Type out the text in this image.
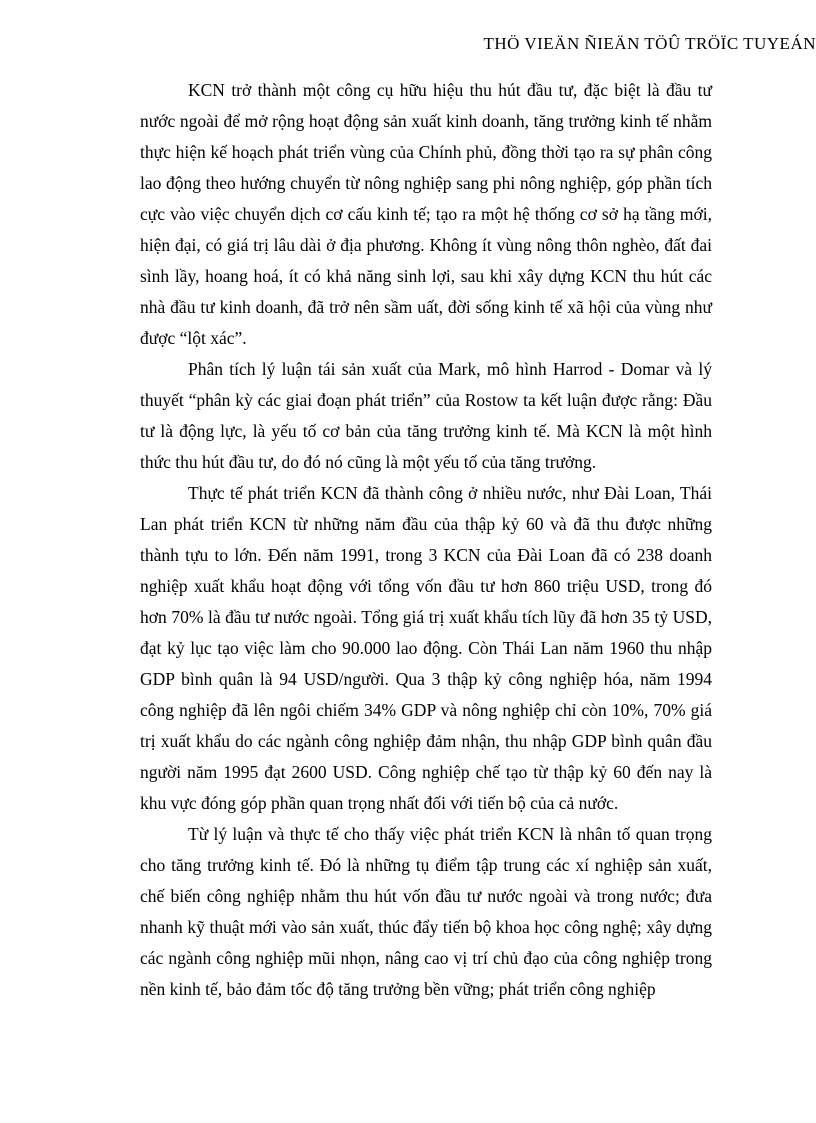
THÖ VIEÄN ÑIEÄN TÖÛ TRÖÏC TUYEÁN

KCN trở thành một công cụ hữu hiệu thu hút đầu tư, đặc biệt là đầu tư nước ngoài để mở rộng hoạt động sản xuất kinh doanh, tăng trưởng kinh tế nhằm thực hiện kế hoạch phát triển vùng của Chính phủ, đồng thời tạo ra sự phân công lao động theo hướng chuyển từ nông nghiệp sang phi nông nghiệp, góp phần tích cực vào việc chuyển dịch cơ cấu kinh tế; tạo ra một hệ thống cơ sở hạ tầng mới, hiện đại, có giá trị lâu dài ở địa phương. Không ít vùng nông thôn nghèo, đất đai sình lầy, hoang hoá, ít có khả năng sinh lợi, sau khi xây dựng KCN thu hút các nhà đầu tư kinh doanh, đã trở nên sầm uất, đời sống kinh tế xã hội của vùng như được “lột xác”.

Phân tích lý luận tái sản xuất của Mark, mô hình Harrod - Domar và lý thuyết “phân kỳ các giai đoạn phát triển” của Rostow ta kết luận được rằng: Đầu tư là động lực, là yếu tố cơ bản của tăng trưởng kinh tế. Mà KCN là một hình thức thu hút đầu tư, do đó nó cũng là một yếu tố của tăng trưởng.

Thực tế phát triển KCN đã thành công ở nhiều nước, như Đài Loan, Thái Lan phát triển KCN từ những năm đầu của thập kỷ 60 và đã thu được những thành tựu to lớn. Đến năm 1991, trong 3 KCN của Đài Loan đã có 238 doanh nghiệp xuất khẩu hoạt động với tổng vốn đầu tư hơn 860 triệu USD, trong đó hơn 70% là đầu tư nước ngoài. Tổng giá trị xuất khẩu tích lũy đã hơn 35 tỷ USD, đạt kỷ lục tạo việc làm cho 90.000 lao động. Còn Thái Lan năm 1960 thu nhập GDP bình quân là 94 USD/người. Qua 3 thập kỷ công nghiệp hóa, năm 1994 công nghiệp đã lên ngôi chiếm 34% GDP và nông nghiệp chỉ còn 10%, 70% giá trị xuất khẩu do các ngành công nghiệp đảm nhận, thu nhập GDP bình quân đầu người năm 1995 đạt 2600 USD. Công nghiệp chế tạo từ thập kỷ 60 đến nay là khu vực đóng góp phần quan trọng nhất đối với tiến bộ của cả nước.

Từ lý luận và thực tế cho thấy việc phát triển KCN là nhân tố quan trọng cho tăng trưởng kinh tế. Đó là những tụ điểm tập trung các xí nghiệp sản xuất, chế biến công nghiệp nhằm thu hút vốn đầu tư nước ngoài và trong nước; đưa nhanh kỹ thuật mới vào sản xuất, thúc đẩy tiến bộ khoa học công nghệ; xây dựng các ngành công nghiệp mũi nhọn, nâng cao vị trí chủ đạo của công nghiệp trong nền kinh tế, bảo đảm tốc độ tăng trưởng bền vững; phát triển công nghiệp
